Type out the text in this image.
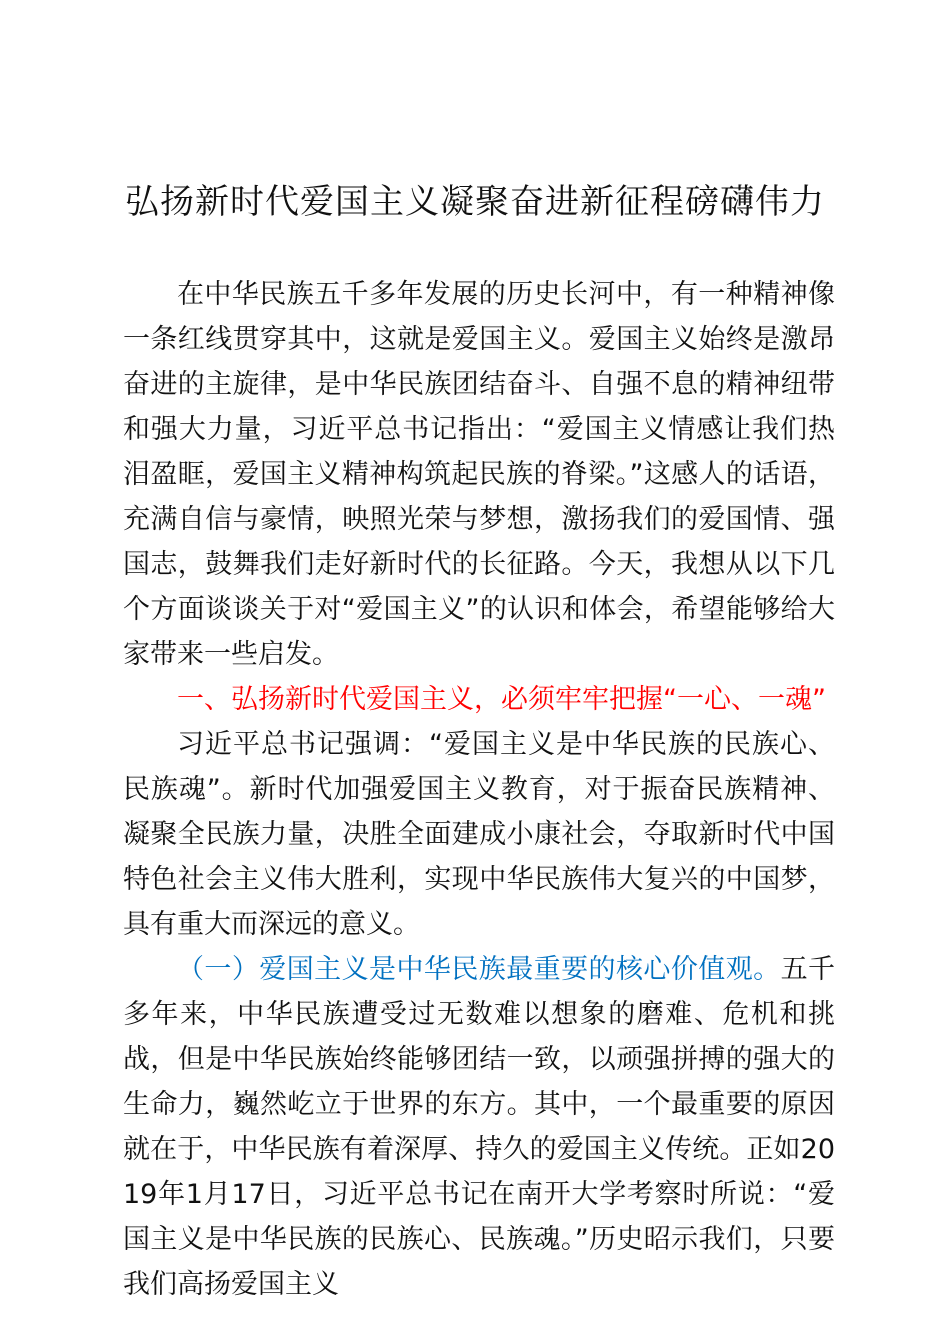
弘扬新时代爱国主义凝聚奋进新征程磅礴伟力

在中华民族五千多年发展的历史长河中，有一种精神像一条红线贯穿其中，这就是爱国主义。爱国主义始终是激昂奋进的主旋律，是中华民族团结奋斗、自强不息的精神纽带和强大力量，习近平总书记指出：“爱国主义情感让我们热泪盈眶，爱国主义精神构筑起民族的脊梁。”这感人的话语，充满自信与豪情，映照光荣与梦想，激扬我们的爱国情、强国志，鼓舞我们走好新时代的长征路。今天，我想从以下几个方面谈谈关于对“爱国主义”的认识和体会，希望能够给大家带来一些启发。

一、弘扬新时代爱国主义，必须牢牢把握“一心、一魂”

习近平总书记强调：“爱国主义是中华民族的民族心、民族魂”。新时代加强爱国主义教育，对于振奋民族精神、凝聚全民族力量，决胜全面建成小康社会，夺取新时代中国特色社会主义伟大胜利，实现中华民族伟大复兴的中国梦，具有重大而深远的意义。

（一）爱国主义是中华民族最重要的核心价值观。五千多年来，中华民族遭受过无数难以想象的磨难、危机和挑战，但是中华民族始终能够团结一致，以顽强拼搏的强大的生命力，巍然屹立于世界的东方。其中，一个最重要的原因就在于，中华民族有着深厚、持久的爱国主义传统。正如2019年1月17日，习近平总书记在南开大学考察时所说：“爱国主义是中华民族的民族心、民族魂。”历史昭示我们，只要我们高扬爱国主义
